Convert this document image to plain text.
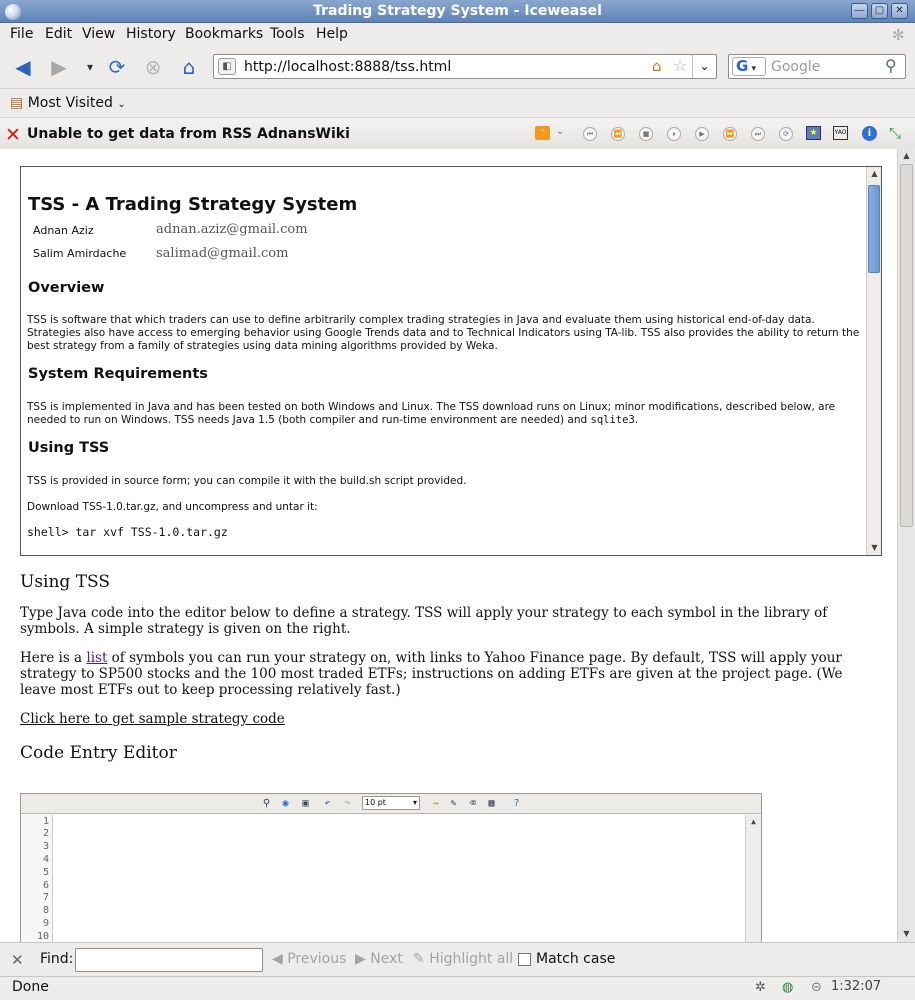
Trading Strategy System - Iceweasel	―	▢	✕
File Edit View History Bookmarks Tools Help	✻
◀ ▶	▾ ⟳ ⊗	⌂	◧ http://localhost:8888/tss.html	⌂ ☆	⌄	G ▾	Google	⚲
▤ Most Visited ⌄
✕ Unable to get data from RSS AdnansWiki	◝	⌄	⏮	⏪	■	⏸	▶	⏩	⏭	⟳	★	YAO	i	⤡
TSS - A Trading Strategy System
Adnan Aziz	adnan.aziz@gmail.com
Salim Amirdache salimad@gmail.com
Overview
TSS is software that which traders can use to define arbitrarily complex trading strategies in Java and evaluate them using historical end-of-day data. Strategies also have access to emerging behavior using Google Trends data and to Technical Indicators using TA-lib. TSS also provides the ability to return the best strategy from a family of strategies using data mining algorithms provided by Weka.
System Requirements
TSS is implemented in Java and has been tested on both Windows and Linux. The TSS download runs on Linux; minor modifications, described below, are needed to run on Windows. TSS needs Java 1.5 (both compiler and run-time environment are needed) and sqlite3.
Using TSS
TSS is provided in source form; you can compile it with the build.sh script provided.
Download TSS-1.0.tar.gz, and uncompress and untar it:
shell> tar xvf TSS-1.0.tar.gz
▲
▼
Using TSS
Type Java code into the editor below to define a strategy. TSS will apply your strategy to each symbol in the library of symbols. A simple strategy is given on the right.
Here is a list of symbols you can run your strategy on, with links to Yahoo Finance page. By default, TSS will apply your strategy to SP500 stocks and the 100 most traded ETFs; instructions on adding ETFs are given at the project page. (We leave most ETFs out to keep processing relatively fast.)
Click here to get sample strategy code
Code Entry Editor
⚲	◉	▣	↶	↷	10 pt	▾	⇝	✎	⌫	▦	?
1
2
3
4
5
6
7
8
9
10
▲
▲
▼
✕ Find:	◀ Previous ▶ Next ✎ Highlight all Match case
Done	✲ ◍ ⊝ 1:32:07
